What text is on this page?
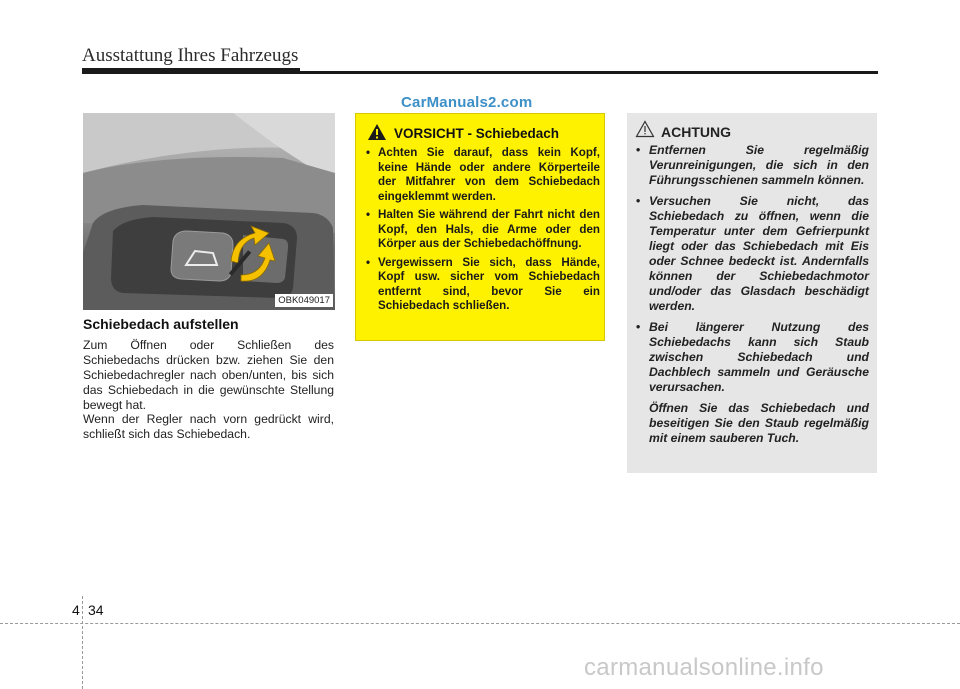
Ausstattung Ihres Fahrzeugs
CarManuals2.com
OBK049017
Schiebedach aufstellen
Zum Öffnen oder Schließen des Schiebedachs drücken bzw. ziehen Sie den Schiebedachregler nach oben/unten, bis sich das Schiebedach in die gewünschte Stellung bewegt hat.
Wenn der Regler nach vorn gedrückt wird, schließt sich das Schiebedach.
VORSICHT - Schiebedach
• Achten Sie darauf, dass kein Kopf, keine Hände oder andere Körperteile der Mitfahrer von dem Schiebedach eingeklemmt werden.
• Halten Sie während der Fahrt nicht den Kopf, den Hals, die Arme oder den Körper aus der Schiebedachöffnung.
• Vergewissern Sie sich, dass Hände, Kopf usw. sicher vom Schiebedach entfernt sind, bevor Sie ein Schiebedach schließen.
ACHTUNG
• Entfernen Sie regelmäßig Verunreinigungen, die sich in den Führungsschienen sammeln können.

• Versuchen Sie nicht, das Schiebedach zu öffnen, wenn die Temperatur unter dem Gefrierpunkt liegt oder das Schiebedach mit Eis oder Schnee bedeckt ist. Andernfalls können der Schiebedachmotor und/oder das Glasdach beschädigt werden.

• Bei längerer Nutzung des Schiebedachs kann sich Staub zwischen Schiebedach und Dachblech sammeln und Geräusche verursachen.

Öffnen Sie das Schiebedach und beseitigen Sie den Staub regelmäßig mit einem sauberen Tuch.

4 34
carmanualsonline.info
